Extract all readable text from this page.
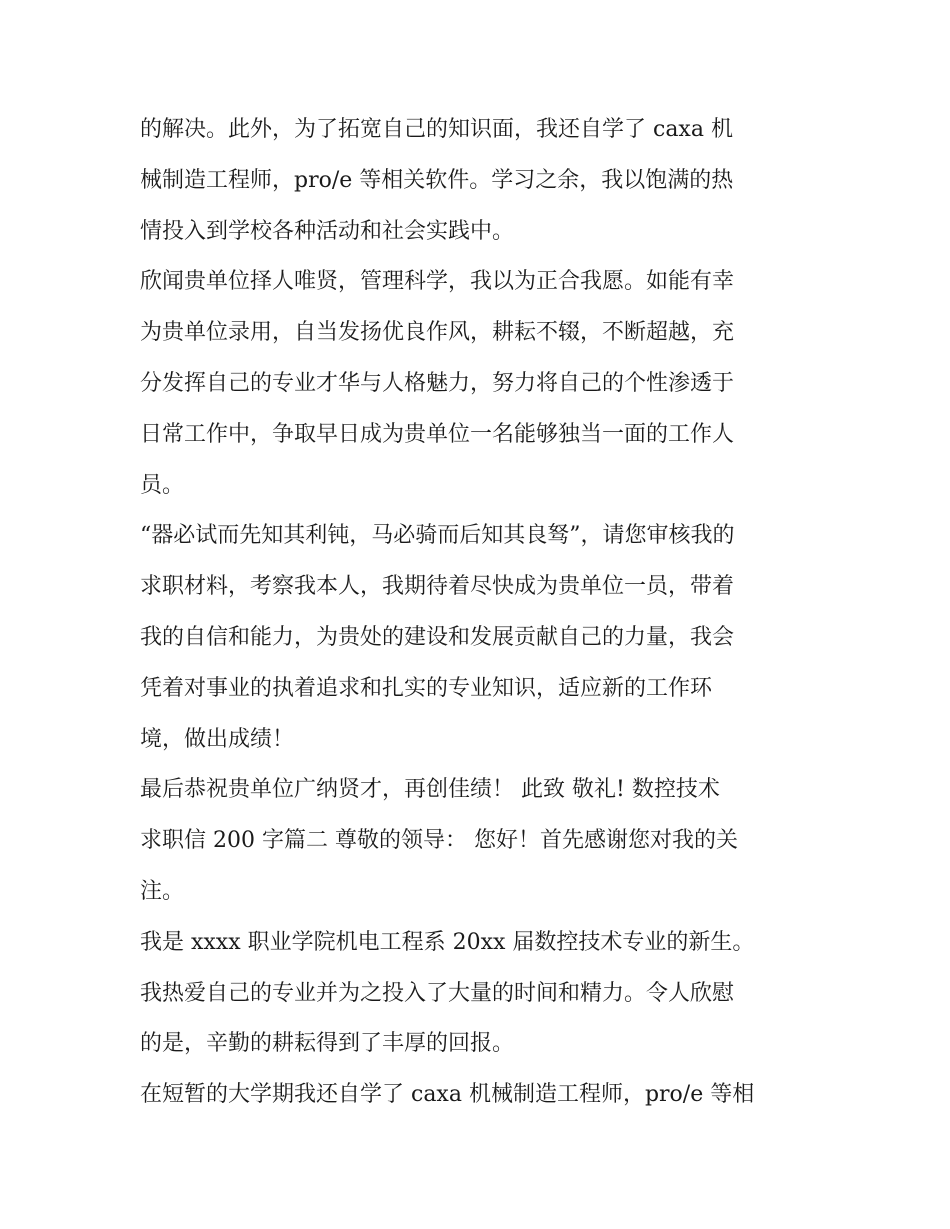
的解决。此外，为了拓宽自己的知识面，我还自学了 caxa 机
械制造工程师，pro/e 等相关软件。学习之余，我以饱满的热
情投入到学校各种活动和社会实践中。
欣闻贵单位择人唯贤，管理科学，我以为正合我愿。如能有幸
为贵单位录用，自当发扬优良作风，耕耘不辍，不断超越，充
分发挥自己的专业才华与人格魅力，努力将自己的个性渗透于
日常工作中，争取早日成为贵单位一名能够独当一面的工作人
员。
“器必试而先知其利钝，马必骑而后知其良驽”，请您审核我的
求职材料，考察我本人，我期待着尽快成为贵单位一员，带着
我的自信和能力，为贵处的建设和发展贡献自己的力量，我会
凭着对事业的执着追求和扎实的专业知识，适应新的工作环
境，做出成绩！
最后恭祝贵单位广纳贤才，再创佳绩！ 此致 敬礼! 数控技术
求职信 200 字篇二 尊敬的领导： 您好！首先感谢您对我的关
注。
我是 xxxx 职业学院机电工程系 20xx 届数控技术专业的新生。
我热爱自己的专业并为之投入了大量的时间和精力。令人欣慰
的是，辛勤的耕耘得到了丰厚的回报。
在短暂的大学期我还自学了 caxa 机械制造工程师，pro/e 等相
